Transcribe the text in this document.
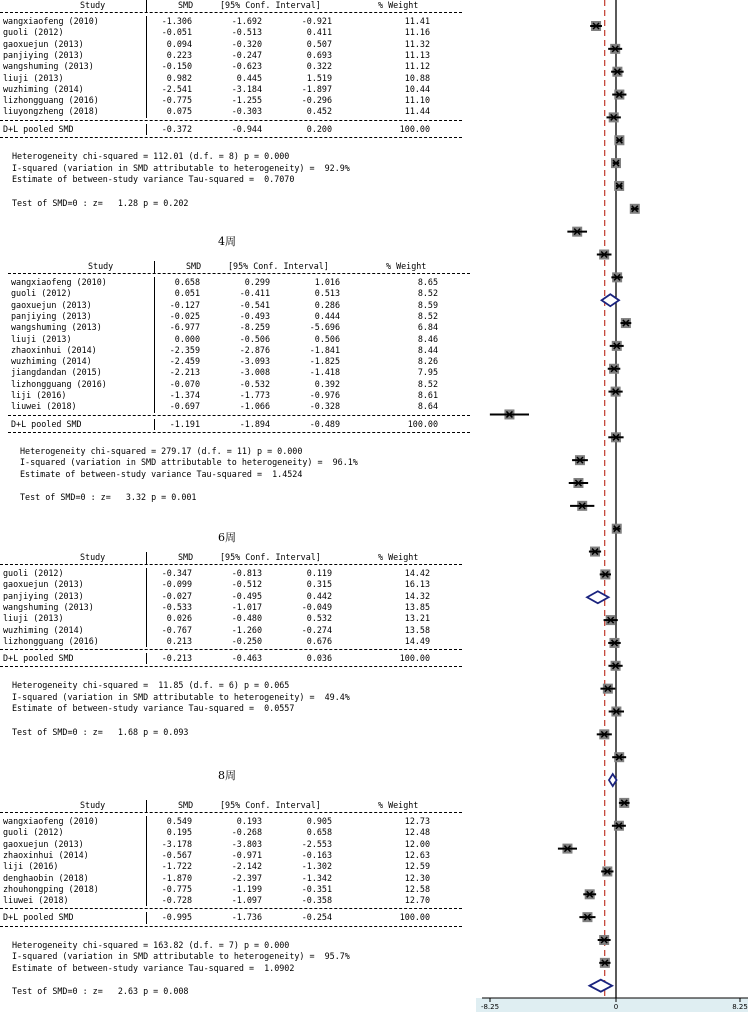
Study	SMD	[95% Conf. Interval]	% Weight
wangxiaofeng (2010)	-1.306	-1.692	-0.921	11.41
guoli (2012)	-0.051	-0.513	0.411	11.16
gaoxuejun (2013)	0.094	-0.320	0.507	11.32
panjiying (2013)	0.223	-0.247	0.693	11.13
wangshuming (2013)	-0.150	-0.623	0.322	11.12
liuji (2013)	0.982	0.445	1.519	10.88
wuzhiming (2014)	-2.541	-3.184	-1.897	10.44
lizhongguang (2016)	-0.775	-1.255	-0.296	11.10
liuyongzheng (2018)	0.075	-0.303	0.452	11.44
D+L pooled SMD	-0.372	-0.944	0.200	100.00
Heterogeneity chi-squared = 112.01 (d.f. = 8) p = 0.000
I-squared (variation in SMD attributable to heterogeneity) =  92.9%
Estimate of between-study variance Tau-squared =  0.7070
Test of SMD=0 : z=   1.28 p = 0.202
4周
Study	SMD	[95% Conf. Interval]	% Weight
wangxiaofeng (2010)	0.658	0.299	1.016	8.65
guoli (2012)	0.051	-0.411	0.513	8.52
gaoxuejun (2013)	-0.127	-0.541	0.286	8.59
panjiying (2013)	-0.025	-0.493	0.444	8.52
wangshuming (2013)	-6.977	-8.259	-5.696	6.84
liuji (2013)	0.000	-0.506	0.506	8.46
zhaoxinhui (2014)	-2.359	-2.876	-1.841	8.44
wuzhiming (2014)	-2.459	-3.093	-1.825	8.26
jiangdandan (2015)	-2.213	-3.008	-1.418	7.95
lizhongguang (2016)	-0.070	-0.532	0.392	8.52
liji (2016)	-1.374	-1.773	-0.976	8.61
liuwei (2018)	-0.697	-1.066	-0.328	8.64
D+L pooled SMD	-1.191	-1.894	-0.489	100.00
Heterogeneity chi-squared = 279.17 (d.f. = 11) p = 0.000
I-squared (variation in SMD attributable to heterogeneity) =  96.1%
Estimate of between-study variance Tau-squared =  1.4524
Test of SMD=0 : z=   3.32 p = 0.001
6周
Study	SMD	[95% Conf. Interval]	% Weight
guoli (2012)	-0.347	-0.813	0.119	14.42
gaoxuejun (2013)	-0.099	-0.512	0.315	16.13
panjiying (2013)	-0.027	-0.495	0.442	14.32
wangshuming (2013)	-0.533	-1.017	-0.049	13.85
liuji (2013)	0.026	-0.480	0.532	13.21
wuzhiming (2014)	-0.767	-1.260	-0.274	13.58
lizhongguang (2016)	0.213	-0.250	0.676	14.49
D+L pooled SMD	-0.213	-0.463	0.036	100.00
Heterogeneity chi-squared =  11.85 (d.f. = 6) p = 0.065
I-squared (variation in SMD attributable to heterogeneity) =  49.4%
Estimate of between-study variance Tau-squared =  0.0557
Test of SMD=0 : z=   1.68 p = 0.093
8周
Study	SMD	[95% Conf. Interval]	% Weight
wangxiaofeng (2010)	0.549	0.193	0.905	12.73
guoli (2012)	0.195	-0.268	0.658	12.48
gaoxuejun (2013)	-3.178	-3.803	-2.553	12.00
zhaoxinhui (2014)	-0.567	-0.971	-0.163	12.63
liji (2016)	-1.722	-2.142	-1.302	12.59
denghaobin (2018)	-1.870	-2.397	-1.342	12.30
zhouhongping (2018)	-0.775	-1.199	-0.351	12.58
liuwei (2018)	-0.728	-1.097	-0.358	12.70
D+L pooled SMD	-0.995	-1.736	-0.254	100.00
Heterogeneity chi-squared = 163.82 (d.f. = 7) p = 0.000
I-squared (variation in SMD attributable to heterogeneity) =  95.7%
Estimate of between-study variance Tau-squared =  1.0902
Test of SMD=0 : z=   2.63 p = 0.008
-8.25	0	8.25
